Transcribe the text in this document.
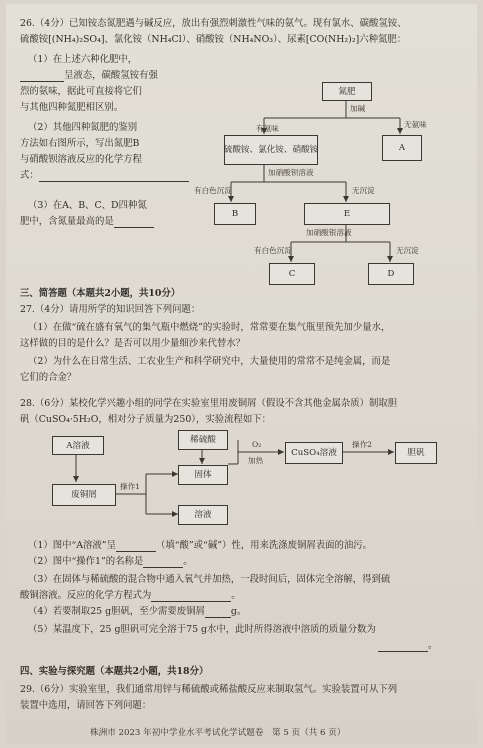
26.（4分）已知铵态氮肥遇与碱反应，放出有强烈刺激性气味的氨气。现有氯水、碳酸氢铵、
硫酸铵[(NH₄)₂SO₄]、氯化铵（NH₄Cl）、硝酸铵（NH₄NO₃）、尿素[CO(NH₂)₂]六种氮肥：
（1）在上述六种化肥中，
呈液态，碳酸氢铵有强
烈的氨味，据此可直接将它们
与其他四种氮肥相区别。
（2）其他四种氮肥的鉴别
方法如右图所示，写出氮肥B
与硝酸钡溶液反应的化学方程
式：
（3）在A、B、C、D四种氮
肥中，含氮量最高的是
氮肥
加碱
有氨味	无氨味
硫酸铵、氯化铵、硝酸铵	A
加硝酸钡溶液
有白色沉淀	无沉淀
B	E
加硝酸银溶液
有白色沉淀	无沉淀
C	D
三、简答题（本题共2小题，共10分）
27.（4分）请用所学的知识回答下列问题：
（1）在做“硫在盛有氧气的集气瓶中燃烧”的实验时，常常要在集气瓶里预先加少量水，
这样做的目的是什么？是否可以用少量细沙来代替水？
（2）为什么在日常生活、工农业生产和科学研究中，大量使用的常常不是纯金属，而是
它们的合金？
28.（6分）某校化学兴趣小组的同学在实验室里用废铜屑（假设不含其他金属杂质）制取胆
矾（CuSO₄·5H₂O，相对分子质量为250），实验流程如下：
A溶液
废铜屑
操作1
稀硫酸
固体
溶液
O₂
加热
CuSO₄溶液
操作2
胆矾
（1）图中“A溶液”呈	（填“酸”或“碱”）性，用来洗涤废铜屑表面的油污。
（2）图中“操作1”的名称是	。
（3）在固体与稀硫酸的混合物中通入氧气并加热，一段时间后，固体完全溶解，得到硫
酸铜溶液。反应的化学方程式为	。
（4）若要制取25 g胆矾，至少需要废铜屑	g。
（5）某温度下，25 g胆矾可完全溶于75 g水中，此时所得溶液中溶质的质量分数为
。
四、实验与探究题（本题共2小题，共18分）
29.（6分）实验室里，我们通常用锌与稀硫酸或稀盐酸反应来制取氢气。实验装置可从下列
装置中选用，请回答下列问题：
株洲市 2023 年初中学业水平考试化学试题卷　第 5 页（共 6 页）
